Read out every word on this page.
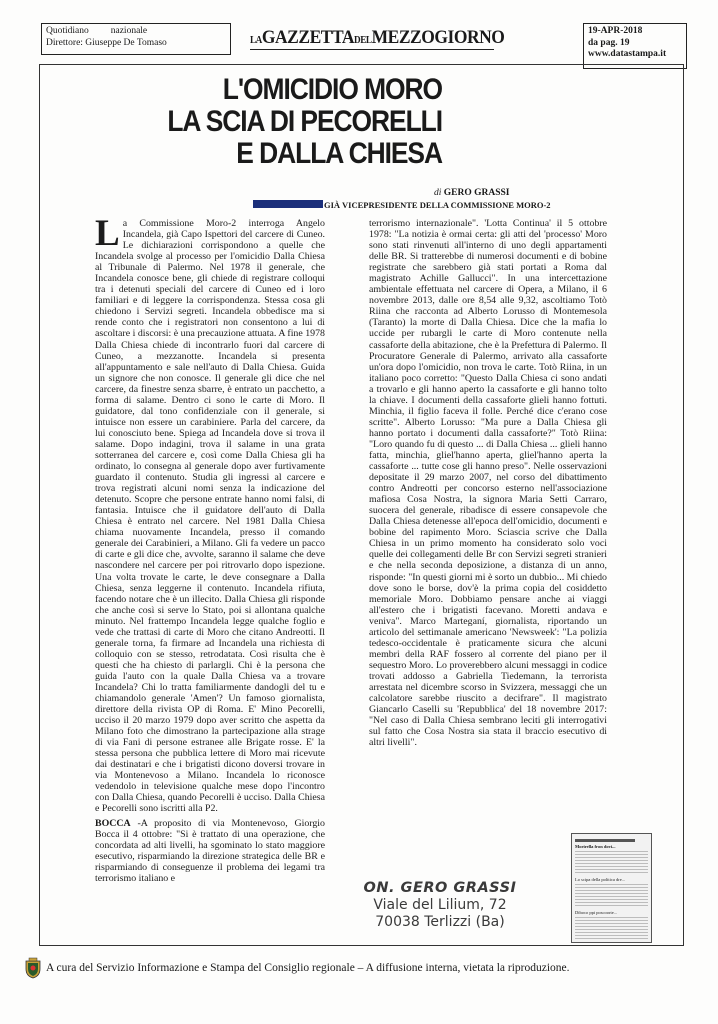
Quotidiano nazionale
Direttore: Giuseppe De Tomaso	LAGAZZETTADELMEZZOGIORNO	19-APR-2018
da pag. 19
www.datastampa.it
L'OMICIDIO MORO
LA SCIA DI PECORELLI
E DALLA CHIESA
di GERO GRASSI
GIÀ VICEPRESIDENTE DELLA COMMISSIONE MORO-2
La Commissione Moro-2 interroga Angelo Incandela, già Capo Ispettori del carcere di Cuneo. Le dichiarazioni corrispondono a quelle che Incandela svolge al processo per l'omicidio Dalla Chiesa al Tribunale di Palermo. Nel 1978 il generale, che Incandela conosce bene, gli chiede di registrare colloqui tra i detenuti speciali del carcere di Cuneo ed i loro familiari e di leggere la corrispondenza. Stessa cosa gli chiedono i Servizi segreti. Incandela obbedisce ma si rende conto che i registratori non consentono a lui di ascoltare i discorsi: è una precauzione attuata. A fine 1978 Dalla Chiesa chiede di incontrarlo fuori dal carcere di Cuneo, a mezzanotte. Incandela si presenta all'appuntamento e sale nell'auto di Dalla Chiesa. Guida un signore che non conosce. Il generale gli dice che nel carcere, da finestre senza sbarre, è entrato un pacchetto, a forma di salame. Dentro ci sono le carte di Moro. Il guidatore, dal tono confidenziale con il generale, si intuisce non essere un carabiniere. Parla del carcere, da lui conosciuto bene. Spiega ad Incandela dove si trova il salame. Dopo indagini, trova il salame in una grata sotterranea del carcere e, così come Dalla Chiesa gli ha ordinato, lo consegna al generale dopo aver furtivamente guardato il contenuto. Studia gli ingressi al carcere e trova registrati alcuni nomi senza la indicazione del detenuto. Scopre che persone entrate hanno nomi falsi, di fantasia. Intuisce che il guidatore dell'auto di Dalla Chiesa è entrato nel carcere. Nel 1981 Dalla Chiesa chiama nuovamente Incandela, presso il comando generale dei Carabinieri, a Milano. Gli fa vedere un pacco di carte e gli dice che, avvolte, saranno il salame che deve nascondere nel carcere per poi ritrovarlo dopo ispezione. Una volta trovate le carte, le deve consegnare a Dalla Chiesa, senza leggerne il contenuto. Incandela rifiuta, facendo notare che è un illecito. Dalla Chiesa gli risponde che anche così si serve lo Stato, poi si allontana qualche minuto. Nel frattempo Incandela legge qualche foglio e vede che trattasi di carte di Moro che citano Andreotti. Il generale torna, fa firmare ad Incandela una richiesta di colloquio con se stesso, retrodatata. Così risulta che è questi che ha chiesto di parlargli. Chi è la persona che guida l'auto con la quale Dalla Chiesa va a trovare Incandela? Chi lo tratta familiarmente dandogli del tu e chiamandolo generale 'Amen'? Un famoso giornalista, direttore della rivista OP di Roma. E' Mino Pecorelli, ucciso il 20 marzo 1979 dopo aver scritto che aspetta da Milano foto che dimostrano la partecipazione alla strage di via Fani di persone estranee alle Brigate rosse. E' la stessa persona che pubblica lettere di Moro mai ricevute dai destinatari e che i brigatisti dicono doversi trovare in via Montenevoso a Milano. Incandela lo riconosce vedendolo in televisione qualche mese dopo l'incontro con Dalla Chiesa, quando Pecorelli è ucciso. Dalla Chiesa e Pecorelli sono iscritti alla P2.
BOCCA -A proposito di via Montenevoso, Giorgio Bocca il 4 ottobre: "Si è trattato di una operazione, che concordata ad alti livelli, ha sgominato lo stato maggiore esecutivo, risparmiando la direzione strategica delle BR e risparmiando di conseguenze il problema dei legami tra terrorismo italiano e
terrorismo internazionale". 'Lotta Continua' il 5 ottobre 1978: "La notizia è ormai certa: gli atti del 'processo' Moro sono stati rinvenuti all'interno di uno degli appartamenti delle BR. Si tratterebbe di numerosi documenti e di bobine registrate che sarebbero già stati portati a Roma dal magistrato Achille Gallucci". In una intercettazione ambientale effettuata nel carcere di Opera, a Milano, il 6 novembre 2013, dalle ore 8,54 alle 9,32, ascoltiamo Totò Riina che racconta ad Alberto Lorusso di Montemesola (Taranto) la morte di Dalla Chiesa. Dice che la mafia lo uccide per rubargli le carte di Moro contenute nella cassaforte della abitazione, che è la Prefettura di Palermo. Il Procuratore Generale di Palermo, arrivato alla cassaforte un'ora dopo l'omicidio, non trova le carte. Totò Riina, in un italiano poco corretto: "Questo Dalla Chiesa ci sono andati a trovarlo e gli hanno aperto la cassaforte e gli hanno tolto la chiave. I documenti della cassaforte glieli hanno fottuti. Minchia, il figlio faceva il folle. Perché dice c'erano cose scritte". Alberto Lorusso: "Ma pure a Dalla Chiesa gli hanno portato i documenti dalla cassaforte?" Totò Riina: "Loro quando fu di questo ... di Dalla Chiesa ... glieli hanno fatta, minchia, gliel'hanno aperta, gliel'hanno aperta la cassaforte ... tutte cose gli hanno preso". Nelle osservazioni depositate il 29 marzo 2007, nel corso del dibattimento contro Andreotti per concorso esterno nell'associazione mafiosa Cosa Nostra, la signora Maria Setti Carraro, suocera del generale, ribadisce di essere consapevole che Dalla Chiesa detenesse all'epoca dell'omicidio, documenti e bobine del rapimento Moro. Sciascia scrive che Dalla Chiesa in un primo momento ha considerato solo voci quelle dei collegamenti delle Br con Servizi segreti stranieri e che nella seconda deposizione, a distanza di un anno, risponde: "In questi giorni mi è sorto un dubbio... Mi chiedo dove sono le borse, dov'è la prima copia del cosiddetto memoriale Moro. Dobbiamo pensare anche ai viaggi all'estero che i brigatisti facevano. Moretti andava e veniva". Marco Marteganí, giornalista, riportando un articolo del settimanale americano 'Newsweek': "La polizia tedesco-occidentale è praticamente sicura che alcuni membri della RAF fossero al corrente del piano per il sequestro Moro. Lo proverebbero alcuni messaggi in codice trovati addosso a Gabriella Tiedemann, la terrorista arrestata nel dicembre scorso in Svizzera, messaggi che un calcolatore sarebbe riuscito a decifrare". Il magistrato Giancarlo Caselli su 'Repubblica' del 18 novembre 2017: "Nel caso di Dalla Chiesa sembrano leciti gli interrogativi sul fatto che Cosa Nostra sia stata il braccio esecutivo di altri livelli".
Morirella fron dovi...
Lo scipa della politica dre...
Diboco ppi poscoorte...
ON. GERO GRASSI
Viale del Lilium, 72
70038 Terlizzi (Ba)
A cura del Servizio Informazione e Stampa del Consiglio regionale – A diffusione interna, vietata la riproduzione.
